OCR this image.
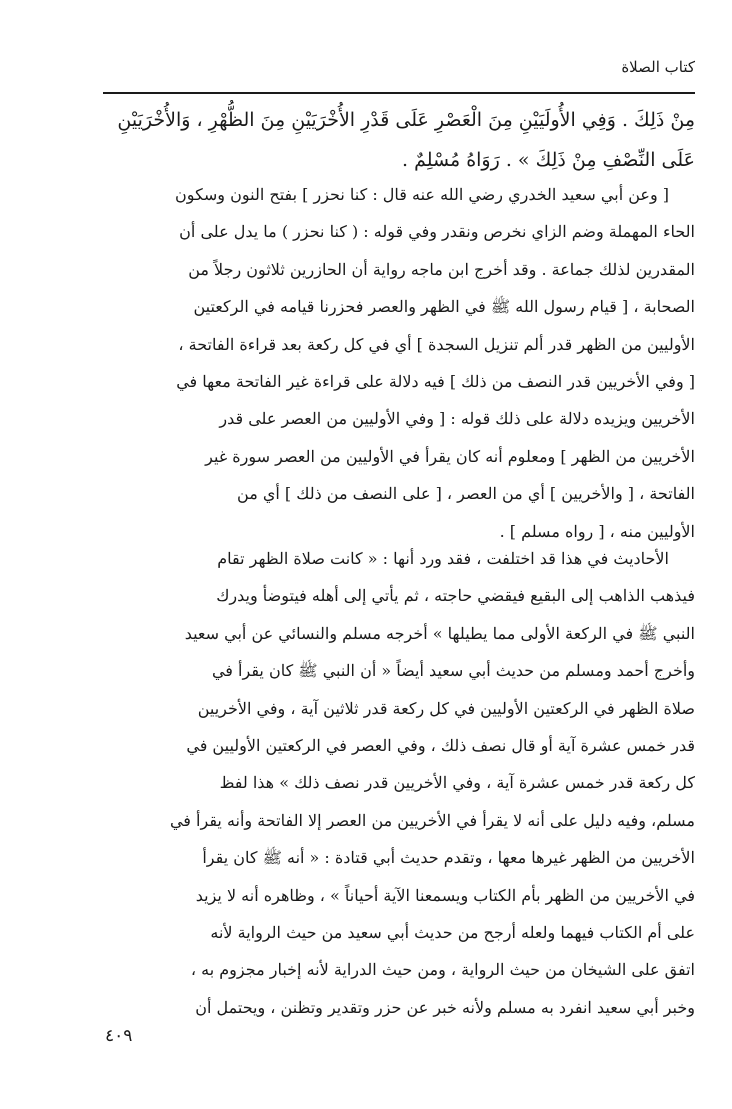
كتاب الصلاة
مِنْ ذَلِكَ . وَفِي الأُولَيَيْنِ مِنَ الْعَصْرِ عَلَى قَدْرِ الأُخْرَيَيْنِ مِنَ الظُّهْرِ ، وَالأُخْرَيَيْنِ
عَلَى النِّصْفِ مِنْ ذَلِكَ » . رَوَاهُ مُسْلِمٌ .
[ وعن أبي سعيد الخدري رضي الله عنه قال : كنا نحزر ] بفتح النون وسكون
الحاء المهملة وضم الزاي نخرص ونقدر وفي قوله : ( كنا نحزر ) ما يدل على أن
المقدرين لذلك جماعة . وقد أخرج ابن ماجه رواية أن الحازرين ثلاثون رجلاً من
الصحابة ، [ قيام رسول الله ﷺ في الظهر والعصر فحزرنا قيامه في الركعتين
الأوليين من الظهر قدر ألم تنزيل السجدة ] أي في كل ركعة بعد قراءة الفاتحة ،
[ وفي الأخريين قدر النصف من ذلك ] فيه دلالة على قراءة غير الفاتحة معها في
الأخريين ويزيده دلالة على ذلك قوله : [ وفي الأوليين من العصر على قدر
الأخريين من الظهر ] ومعلوم أنه كان يقرأ في الأوليين من العصر سورة غير
الفاتحة ، [ والأخريين ] أي من العصر ، [ على النصف من ذلك ] أي من
الأوليين منه ، [ رواه مسلم ] .
الأحاديث في هذا قد اختلفت ، فقد ورد أنها : « كانت صلاة الظهر تقام
فيذهب الذاهب إلى البقيع فيقضي حاجته ، ثم يأتي إلى أهله فيتوضأ ويدرك
النبي ﷺ في الركعة الأولى مما يطيلها » أخرجه مسلم والنسائي عن أبي سعيد
وأخرج أحمد ومسلم من حديث أبي سعيد أيضاً « أن النبي ﷺ كان يقرأ في
صلاة الظهر في الركعتين الأوليين في كل ركعة قدر ثلاثين آية ، وفي الأخريين
قدر خمس عشرة آية أو قال نصف ذلك ، وفي العصر في الركعتين الأوليين في
كل ركعة قدر خمس عشرة آية ، وفي الأخريين قدر نصف ذلك » هذا لفظ
مسلم، وفيه دليل على أنه لا يقرأ في الأخريين من العصر إلا الفاتحة وأنه يقرأ في
الأخريين من الظهر غيرها معها ، وتقدم حديث أبي قتادة : « أنه ﷺ كان يقرأ
في الأخريين من الظهر بأم الكتاب ويسمعنا الآية أحياناً » ، وظاهره أنه لا يزيد
على أم الكتاب فيهما ولعله أرجح من حديث أبي سعيد من حيث الرواية لأنه
اتفق على الشيخان من حيث الرواية ، ومن حيث الدراية لأنه إخبار مجزوم به ،
وخبر أبي سعيد انفرد به مسلم ولأنه خبر عن حزر وتقدير وتظنن ، ويحتمل أن
٤٠٩
